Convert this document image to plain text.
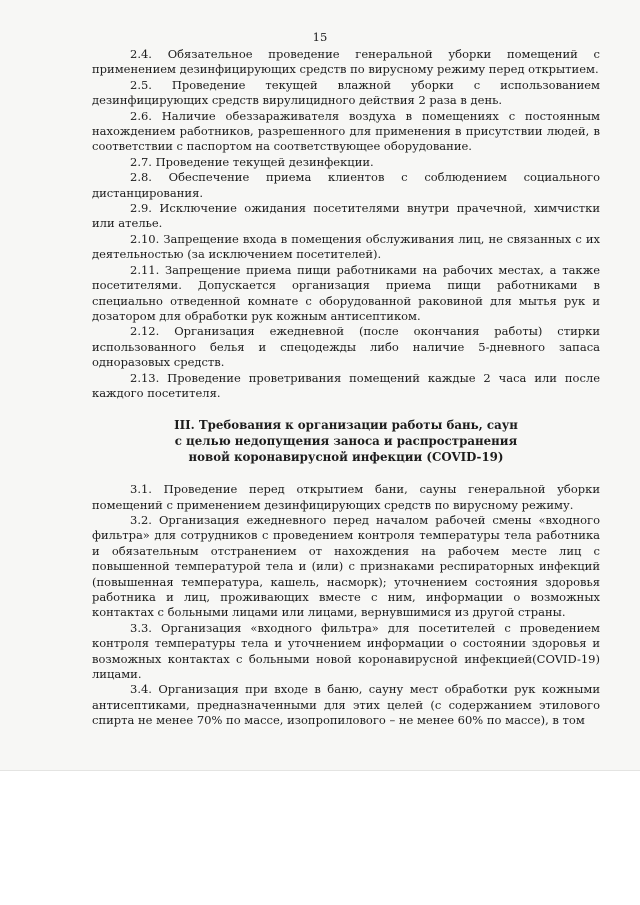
15

2.4. Обязательное проведение генеральной уборки помещений с применением дезинфицирующих средств по вирусному режиму перед открытием.

2.5. Проведение текущей влажной уборки с использованием дезинфицирующих средств вирулицидного действия 2 раза в день.

2.6. Наличие обеззараживателя воздуха в помещениях с постоянным нахождением работников, разрешенного для применения в присутствии людей, в соответствии с паспортом на соответствующее оборудование.

2.7. Проведение текущей дезинфекции.

2.8. Обеспечение приема клиентов с соблюдением социального дистанцирования.

2.9. Исключение ожидания посетителями внутри прачечной, химчистки или ателье.

2.10. Запрещение входа в помещения обслуживания лиц, не связанных с их деятельностью (за исключением посетителей).

2.11. Запрещение приема пищи работниками на рабочих местах, а также посетителями. Допускается организация приема пищи работниками в специально отведенной комнате с оборудованной раковиной для мытья рук и дозатором для обработки рук кожным антисептиком.

2.12. Организация ежедневной (после окончания работы) стирки использованного белья и спецодежды либо наличие 5-дневного запаса одноразовых средств.

2.13. Проведение проветривания помещений каждые 2 часа или после каждого посетителя.

III. Требования к организации работы бань, саун
с целью недопущения заноса и распространения
новой коронавирусной инфекции (COVID-19)

3.1. Проведение перед открытием бани, сауны генеральной уборки помещений с применением дезинфицирующих средств по вирусному режиму.

3.2. Организация ежедневного перед началом рабочей смены «входного фильтра» для сотрудников с проведением контроля температуры тела работника и обязательным отстранением от нахождения на рабочем месте лиц с повышенной температурой тела и (или) с признаками респираторных инфекций (повышенная температура, кашель, насморк); уточнением состояния здоровья работника и лиц, проживающих вместе с ним, информации о возможных контактах с больными лицами или лицами, вернувшимися из другой страны.

3.3. Организация «входного фильтра» для посетителей с проведением контроля температуры тела и уточнением информации о состоянии здоровья и возможных контактах с больными новой коронавирусной инфекцией(COVID-19) лицами.

3.4. Организация при входе в баню, сауну мест обработки рук кожными антисептиками, предназначенными для этих целей (с содержанием этилового спирта не менее 70% по массе, изопропилового – не менее 60% по массе), в том
